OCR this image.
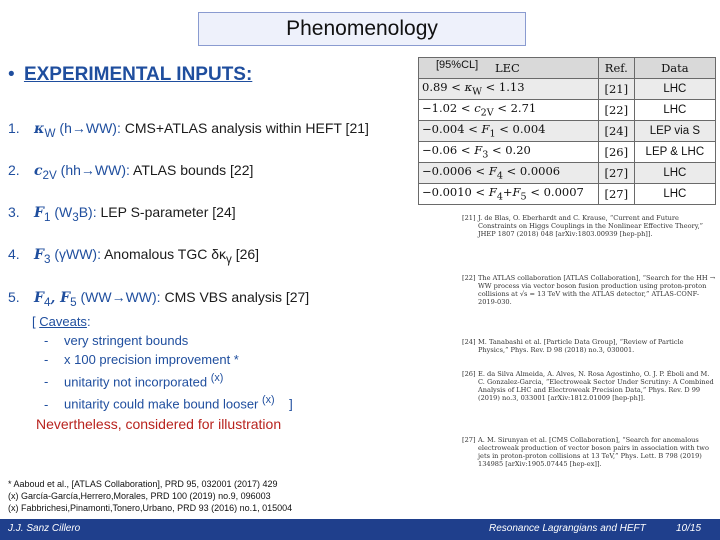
Phenomenology
• EXPERIMENTAL INPUTS:
1. $\kappa_W$ (h→WW): CMS+ATLAS analysis within HEFT [21]
2. $c_{2V}$ (hh→WW): ATLAS bounds [22]
3. $F_1$ $(W_3B)$: LEP S-parameter [24]
4. $F_3$ (γWW): Anomalous TGC $\delta\kappa_\gamma$ [26]
5. $F_4$, $F_5$ (WW→WW): CMS VBS analysis [27]
[ Caveats:
- very stringent bounds
- x 100 precision improvement *
- unitarity not incorporated $^{(x)}$
- unitarity could make bound looser $^{(x)}$    ]
Nevertheless, considered for illustration
* Aaboud et al., [ATLAS Collaboration], PRD 95, 032001 (2017) 429
(x) García-García,Herrero,Morales, PRD 100 (2019) no.9, 096003
(x) Fabbrichesi,Pinamonti,Tonero,Urbano, PRD 93 (2016) no.1, 015004
LEC	Ref.	Data
$0.89 < \kappa_W < 1.13$	[21]	LHC
$-1.02 < c_{2V} < 2.71$	[22]	LHC
$-0.004 < F_1 < 0.004$	[24]	LEP via S
$-0.06 < F_3 < 0.20$	[26]	LEP & LHC
$-0.0006 < F_4 < 0.0006$	[27]	LHC
$-0.0010 < F_4+F_5 < 0.0007$	[27]	LHC
[95%CL]
[21] J. de Blas, O. Eberhardt and C. Krause, “Current and Future Constraints on Higgs Couplings in the Nonlinear Effective Theory,” JHEP 1807 (2018) 048 [arXiv:1803.00939 [hep-ph]].
[22] The ATLAS collaboration [ATLAS Collaboration], “Search for the HH → WW process via vector boson fusion production using proton-proton collisions at √s = 13 TeV with the ATLAS detector,” ATLAS-CONF-2019-030.
[24] M. Tanabashi et al. [Particle Data Group], “Review of Particle Physics,” Phys. Rev. D 98 (2018) no.3, 030001.
[26] E. da Silva Almeida, A. Alves, N. Rosa Agostinho, O. J. P. Éboli and M. C. Gonzalez-Garcia, “Electroweak Sector Under Scrutiny: A Combined Analysis of LHC and Electroweak Precision Data,” Phys. Rev. D 99 (2019) no.3, 033001 [arXiv:1812.01009 [hep-ph]].
[27] A. M. Sirunyan et al. [CMS Collaboration], “Search for anomalous electroweak production of vector boson pairs in association with two jets in proton-proton collisions at 13 TeV,” Phys. Lett. B 798 (2019) 134985 [arXiv:1905.07445 [hep-ex]].
J.J. Sanz Cillero	Resonance Lagrangians and HEFT	10/15
